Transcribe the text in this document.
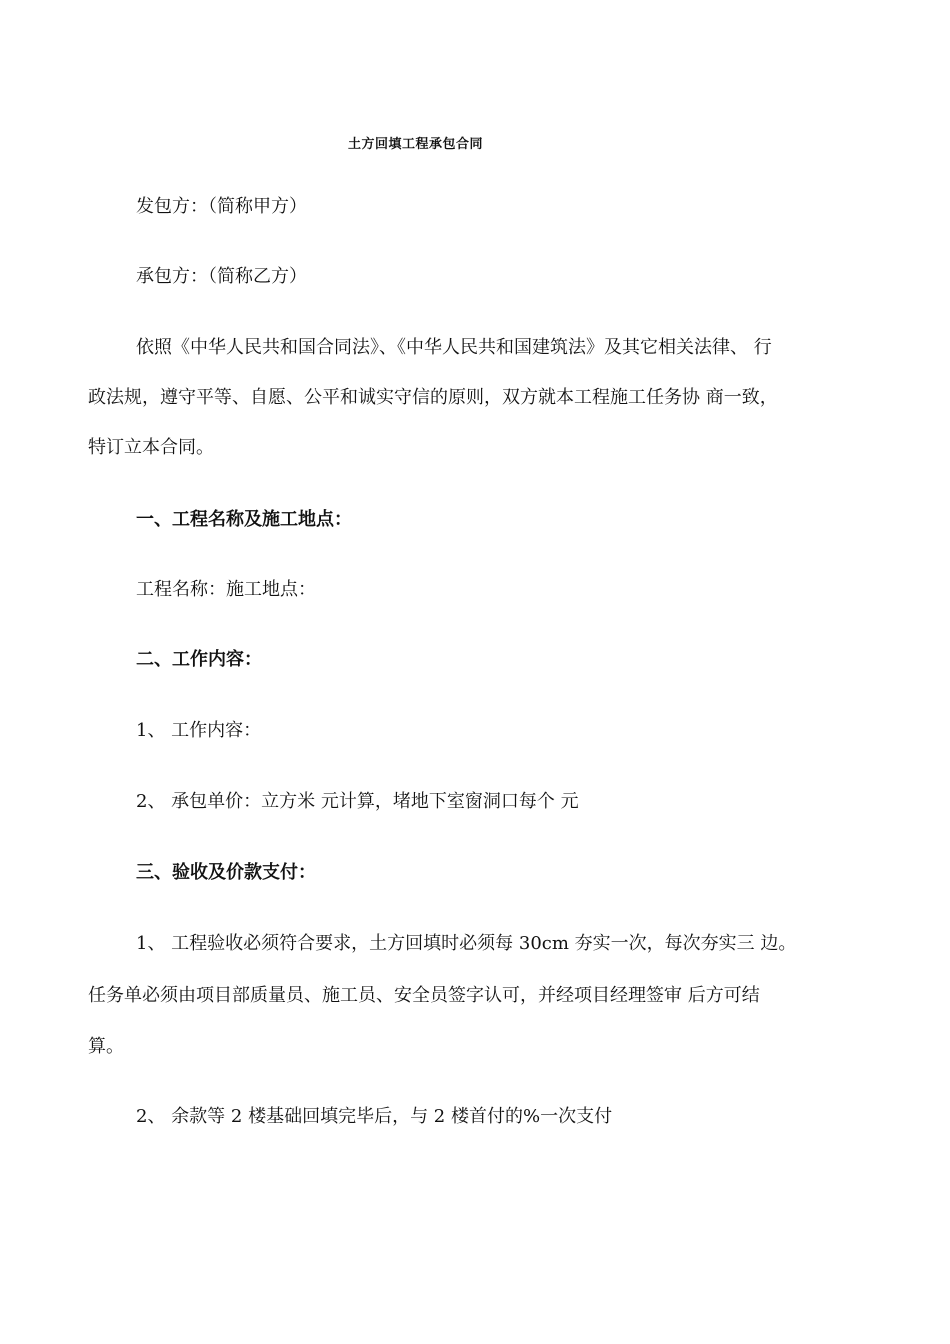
土方回填工程承包合同
发包方：（简称甲方）
承包方：（简称乙方）
依照《中华人民共和国合同法》、《中华人民共和国建筑法》及其它相关法律、 行
政法规，遵守平等、自愿、公平和诚实守信的原则，双方就本工程施工任务协 商一致，
特订立本合同。
一、工程名称及施工地点：
工程名称：施工地点：
二、工作内容：
1、 工作内容：
2、 承包单价：立方米 元计算，堵地下室窗洞口每个 元
三、验收及价款支付：
1、 工程验收必须符合要求，土方回填时必须每 30cm 夯实一次，每次夯实三 边。
任务单必须由项目部质量员、施工员、安全员签字认可，并经项目经理签审 后方可结
算。
2、 余款等 2 楼基础回填完毕后，与 2 楼首付的%一次支付
